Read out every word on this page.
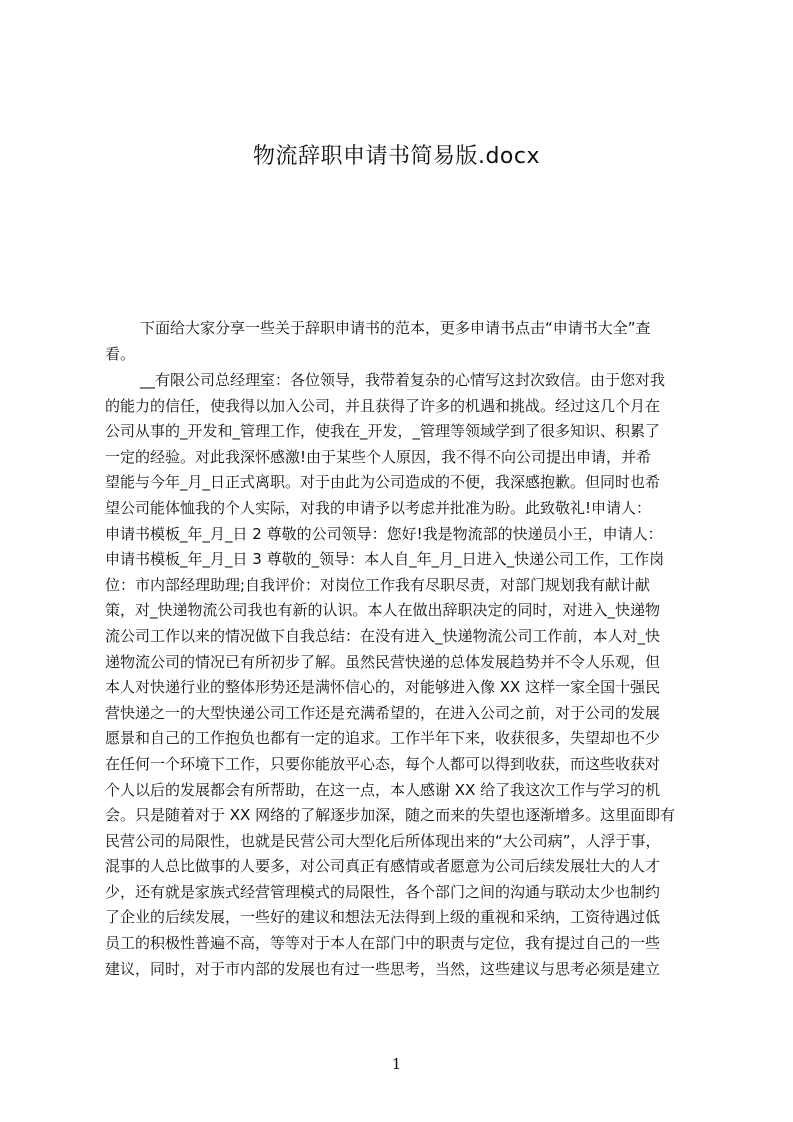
物流辞职申请书简易版.docx
下面给大家分享一些关于辞职申请书的范本，更多申请书点击“申请书大全”查
看。
__有限公司总经理室：各位领导，我带着复杂的心情写这封次致信。由于您对我
的能力的信任，使我得以加入公司，并且获得了许多的机遇和挑战。经过这几个月在
公司从事的_开发和_管理工作，使我在_开发，_管理等领域学到了很多知识、积累了
一定的经验。对此我深怀感激!由于某些个人原因，我不得不向公司提出申请，并希
望能与今年_月_日正式离职。对于由此为公司造成的不便，我深感抱歉。但同时也希
望公司能体恤我的个人实际，对我的申请予以考虑并批准为盼。此致敬礼!申请人：
申请书模板_年_月_日 2 尊敬的公司领导：您好!我是物流部的快递员小王，申请人：
申请书模板_年_月_日 3 尊敬的_领导：本人自_年_月_日进入_快递公司工作，工作岗
位：市内部经理助理;自我评价：对岗位工作我有尽职尽责，对部门规划我有献计献
策，对_快递物流公司我也有新的认识。本人在做出辞职决定的同时，对进入_快递物
流公司工作以来的情况做下自我总结：在没有进入_快递物流公司工作前，本人对_快
递物流公司的情况已有所初步了解。虽然民营快递的总体发展趋势并不令人乐观，但
本人对快递行业的整体形势还是满怀信心的，对能够进入像 XX 这样一家全国十强民
营快递之一的大型快递公司工作还是充满希望的，在进入公司之前，对于公司的发展
愿景和自己的工作抱负也都有一定的追求。工作半年下来，收获很多，失望却也不少
在任何一个环境下工作，只要你能放平心态，每个人都可以得到收获，而这些收获对
个人以后的发展都会有所帮助，在这一点，本人感谢 XX 给了我这次工作与学习的机
会。只是随着对于 XX 网络的了解逐步加深，随之而来的失望也逐渐增多。这里面即有
民营公司的局限性，也就是民营公司大型化后所体现出来的“大公司病”，人浮于事，
混事的人总比做事的人要多，对公司真正有感情或者愿意为公司后续发展壮大的人才
少，还有就是家族式经营管理模式的局限性，各个部门之间的沟通与联动太少也制约
了企业的后续发展，一些好的建议和想法无法得到上级的重视和采纳，工资待遇过低
员工的积极性普遍不高，等等对于本人在部门中的职责与定位，我有提过自己的一些
建议，同时，对于市内部的发展也有过一些思考，当然，这些建议与思考必须是建立
1
